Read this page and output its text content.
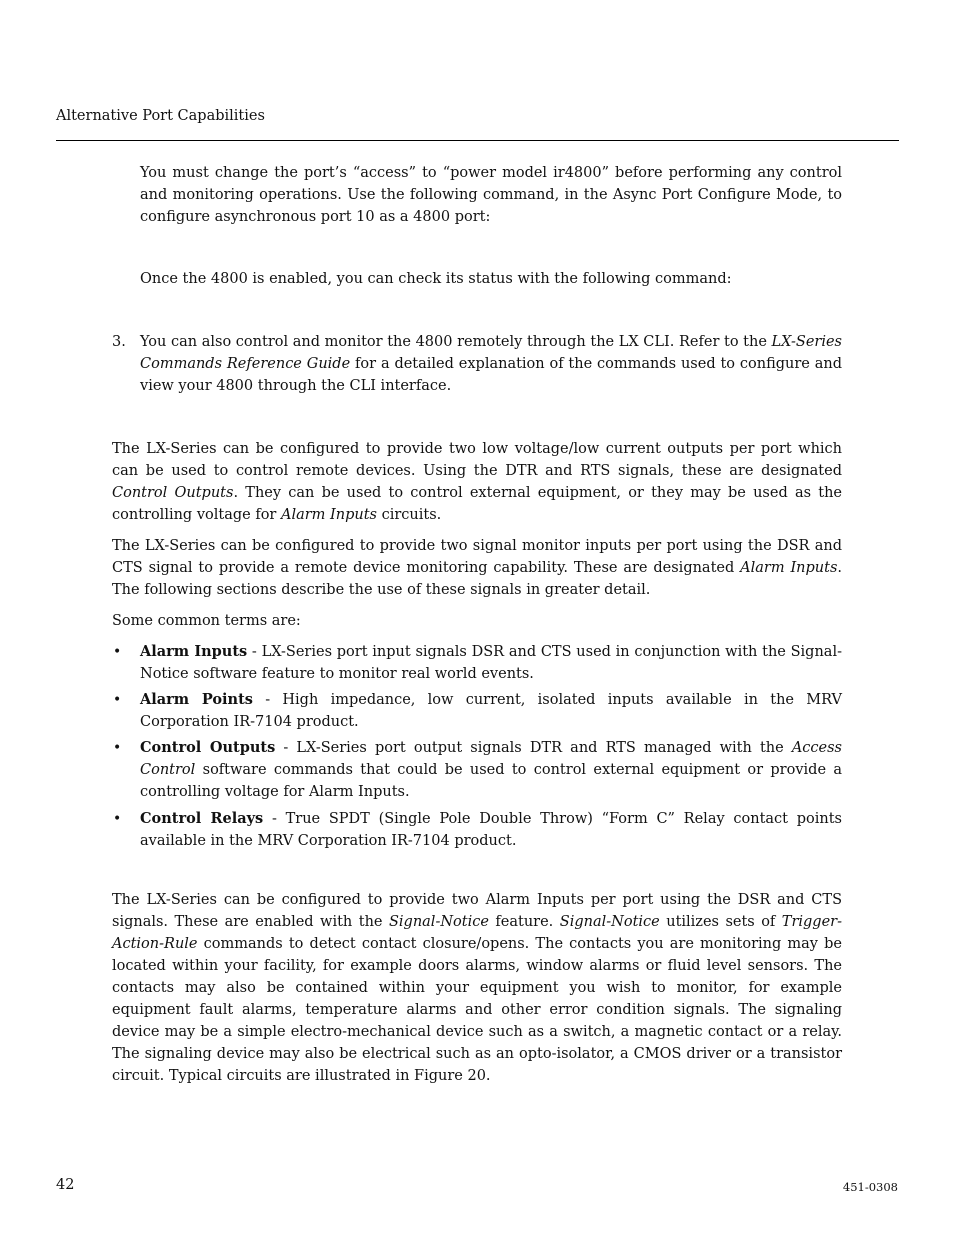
Alternative Port Capabilities

You must change the port’s “access” to “power model ir4800” before performing any control and monitoring operations. Use the following command, in the Async Port Configure Mode, to configure asynchronous port 10 as a 4800 port:

Once the 4800 is enabled, you can check its status with the following command:

3. You can also control and monitor the 4800 remotely through the LX CLI. Refer to the LX-Series Commands Reference Guide for a detailed explanation of the commands used to configure and view your 4800 through the CLI interface.

The LX-Series can be configured to provide two low voltage/low current outputs per port which can be used to control remote devices. Using the DTR and RTS signals, these are designated Control Outputs. They can be used to control external equipment, or they may be used as the controlling voltage for Alarm Inputs circuits.

The LX-Series can be configured to provide two signal monitor inputs per port using the DSR and CTS signal to provide a remote device monitoring capability. These are designated Alarm Inputs. The following sections describe the use of these signals in greater detail.

Some common terms are:

• Alarm Inputs - LX-Series port input signals DSR and CTS used in conjunction with the Signal-Notice software feature to monitor real world events.

• Alarm Points - High impedance, low current, isolated inputs available in the MRV Corporation IR-7104 product.

• Control Outputs - LX-Series port output signals DTR and RTS managed with the Access Control software commands that could be used to control external equipment or provide a controlling voltage for Alarm Inputs.

• Control Relays - True SPDT (Single Pole Double Throw) “Form C” Relay contact points available in the MRV Corporation IR-7104 product.

The LX-Series can be configured to provide two Alarm Inputs per port using the DSR and CTS signals. These are enabled with the Signal-Notice feature. Signal-Notice utilizes sets of Trigger-Action-Rule commands to detect contact closure/opens. The contacts you are monitoring may be located within your facility, for example doors alarms, window alarms or fluid level sensors. The contacts may also be contained within your equipment you wish to monitor, for example equipment fault alarms, temperature alarms and other error condition signals. The signaling device may be a simple electro-mechanical device such as a switch, a magnetic contact or a relay. The signaling device may also be electrical such as an opto-isolator, a CMOS driver or a transistor circuit. Typical circuits are illustrated in Figure 20.

42	451-0308
